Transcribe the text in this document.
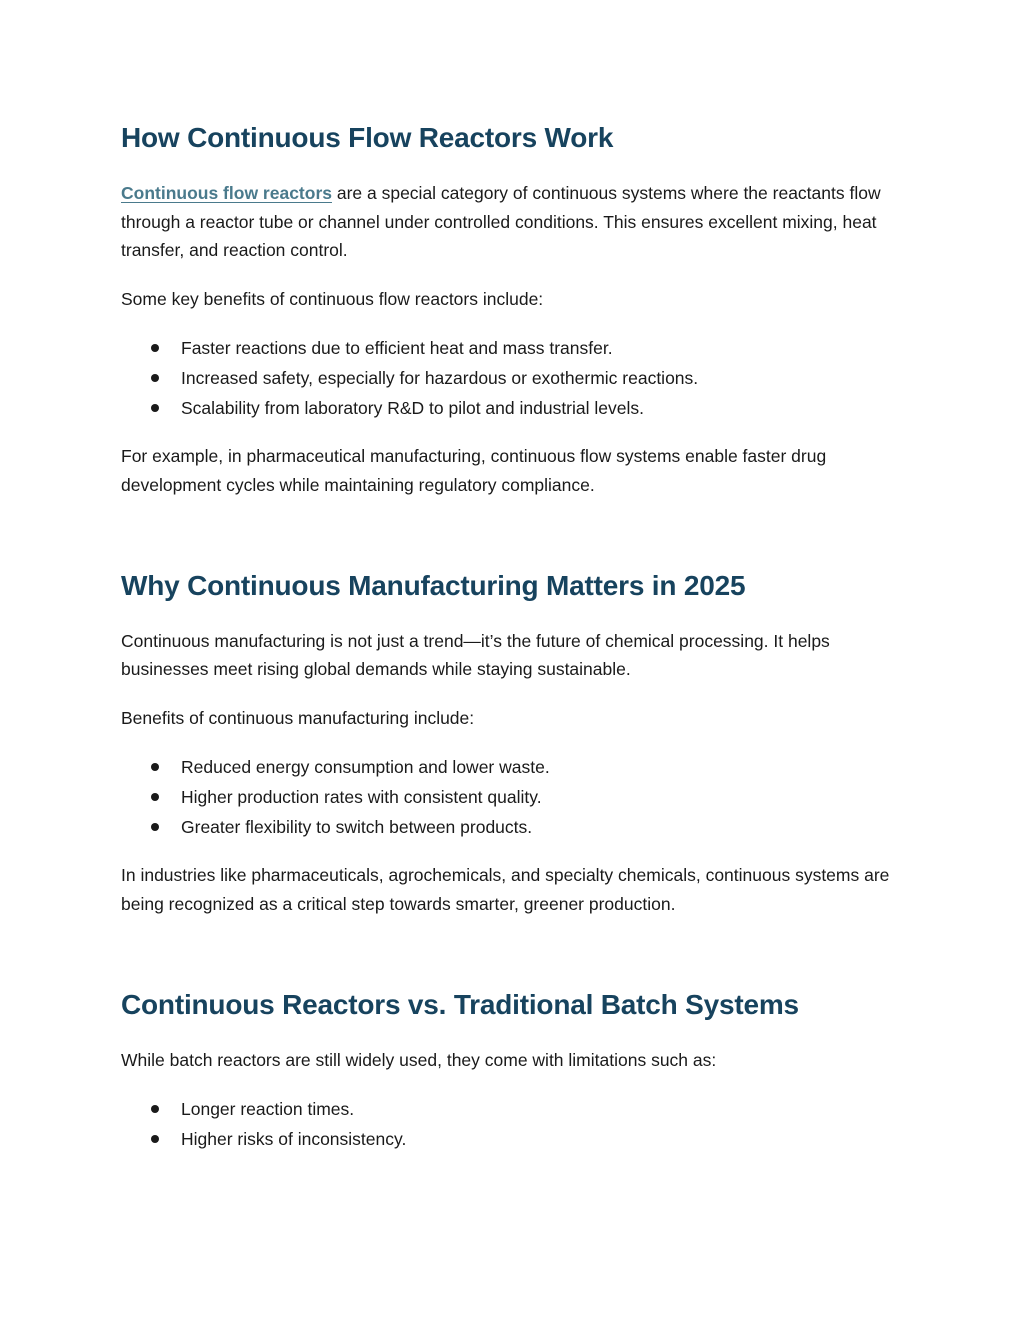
How Continuous Flow Reactors Work

Continuous flow reactors are a special category of continuous systems where the reactants flow through a reactor tube or channel under controlled conditions. This ensures excellent mixing, heat transfer, and reaction control.

Some key benefits of continuous flow reactors include:

Faster reactions due to efficient heat and mass transfer.
Increased safety, especially for hazardous or exothermic reactions.
Scalability from laboratory R&D to pilot and industrial levels.

For example, in pharmaceutical manufacturing, continuous flow systems enable faster drug development cycles while maintaining regulatory compliance.

Why Continuous Manufacturing Matters in 2025

Continuous manufacturing is not just a trend—it’s the future of chemical processing. It helps businesses meet rising global demands while staying sustainable.

Benefits of continuous manufacturing include:

Reduced energy consumption and lower waste.
Higher production rates with consistent quality.
Greater flexibility to switch between products.

In industries like pharmaceuticals, agrochemicals, and specialty chemicals, continuous systems are being recognized as a critical step towards smarter, greener production.

Continuous Reactors vs. Traditional Batch Systems

While batch reactors are still widely used, they come with limitations such as:

Longer reaction times.
Higher risks of inconsistency.
